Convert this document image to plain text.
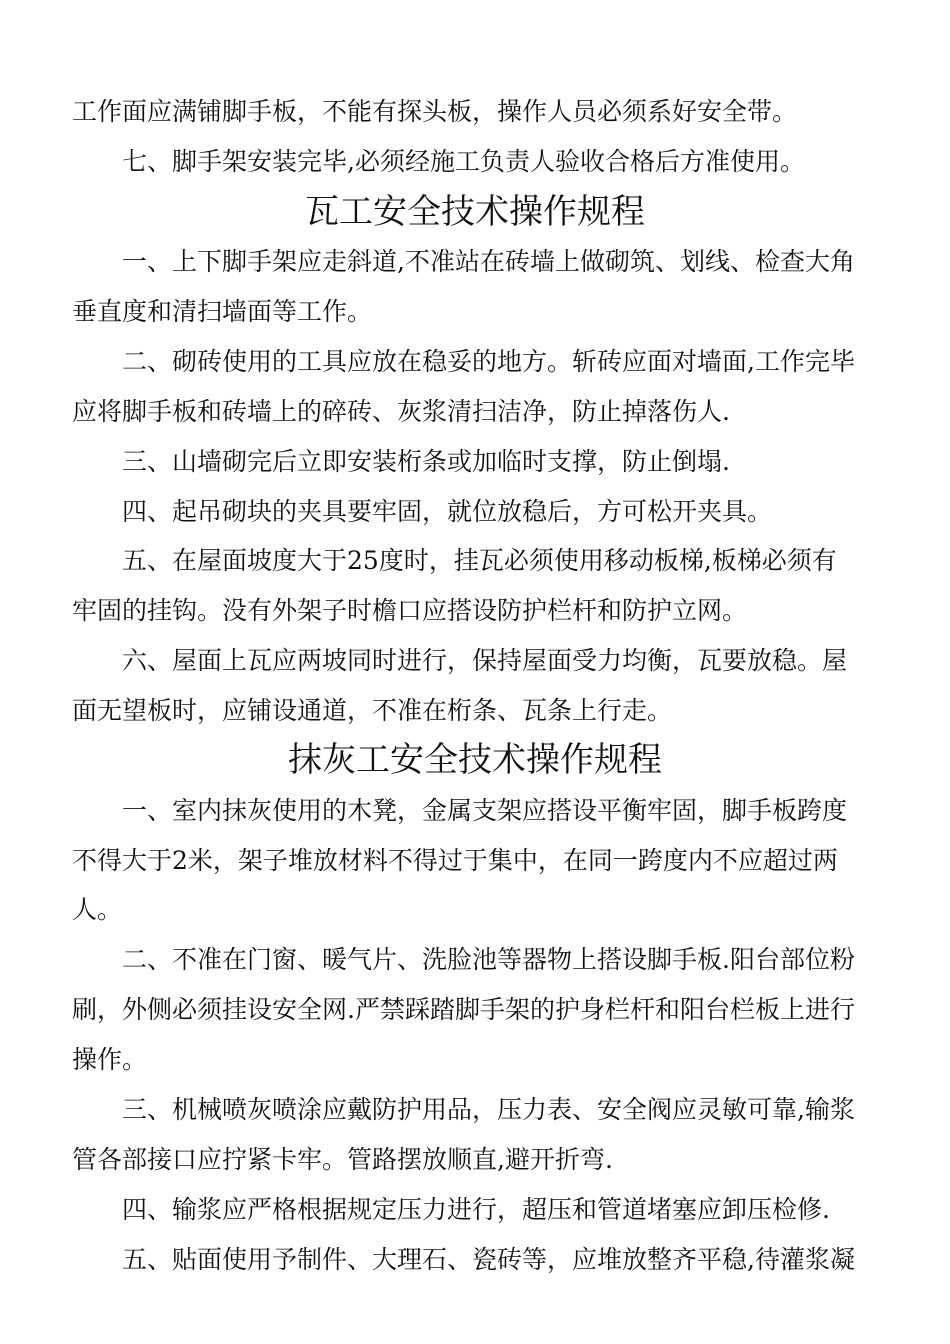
工作面应满铺脚手板，不能有探头板，操作人员必须系好安全带。
七、脚手架安装完毕,必须经施工负责人验收合格后方准使用。
瓦工安全技术操作规程
一、上下脚手架应走斜道,不准站在砖墙上做砌筑、划线、检查大角
垂直度和清扫墙面等工作。
二、砌砖使用的工具应放在稳妥的地方。斩砖应面对墙面,工作完毕
应将脚手板和砖墙上的碎砖、灰浆清扫洁净，防止掉落伤人.
三、山墙砌完后立即安装桁条或加临时支撑，防止倒塌.
四、起吊砌块的夹具要牢固，就位放稳后，方可松开夹具。
五、在屋面坡度大于25度时，挂瓦必须使用移动板梯,板梯必须有
牢固的挂钩。没有外架子时檐口应搭设防护栏杆和防护立网。
六、屋面上瓦应两坡同时进行，保持屋面受力均衡，瓦要放稳。屋
面无望板时，应铺设通道，不准在桁条、瓦条上行走。
抹灰工安全技术操作规程
一、室内抹灰使用的木凳，金属支架应搭设平衡牢固，脚手板跨度
不得大于2米，架子堆放材料不得过于集中，在同一跨度内不应超过两
人。
二、不准在门窗、暖气片、洗脸池等器物上搭设脚手板.阳台部位粉
刷，外侧必须挂设安全网.严禁踩踏脚手架的护身栏杆和阳台栏板上进行
操作。
三、机械喷灰喷涂应戴防护用品，压力表、安全阀应灵敏可靠,输浆
管各部接口应拧紧卡牢。管路摆放顺直,避开折弯.
四、输浆应严格根据规定压力进行，超压和管道堵塞应卸压检修.
五、贴面使用予制件、大理石、瓷砖等，应堆放整齐平稳,待灌浆凝
